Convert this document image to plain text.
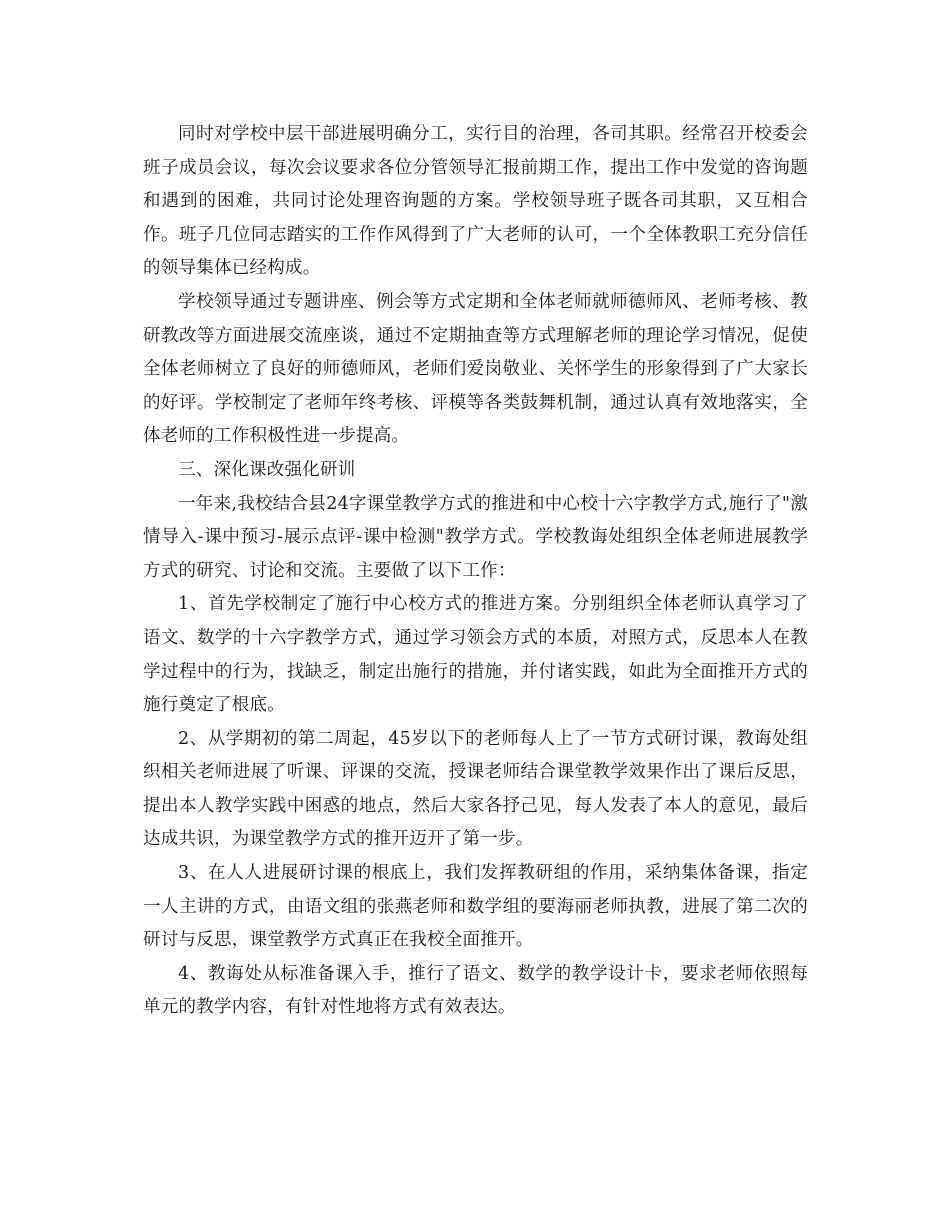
同时对学校中层干部进展明确分工，实行目的治理，各司其职。经常召开校委会班子成员会议，每次会议要求各位分管领导汇报前期工作，提出工作中发觉的咨询题和遇到的困难，共同讨论处理咨询题的方案。学校领导班子既各司其职，又互相合作。班子几位同志踏实的工作作风得到了广大老师的认可，一个全体教职工充分信任的领导集体已经构成。

学校领导通过专题讲座、例会等方式定期和全体老师就师德师风、老师考核、教研教改等方面进展交流座谈，通过不定期抽查等方式理解老师的理论学习情况，促使全体老师树立了良好的师德师风，老师们爱岗敬业、关怀学生的形象得到了广大家长的好评。学校制定了老师年终考核、评模等各类鼓舞机制，通过认真有效地落实，全体老师的工作积极性进一步提高。

三、深化课改强化研训

一年来,我校结合县24字课堂教学方式的推进和中心校十六字教学方式,施行了"激情导入-课中预习-展示点评-课中检测"教学方式。学校教诲处组织全体老师进展教学方式的研究、讨论和交流。主要做了以下工作：

1、首先学校制定了施行中心校方式的推进方案。分别组织全体老师认真学习了语文、数学的十六字教学方式，通过学习领会方式的本质，对照方式，反思本人在教学过程中的行为，找缺乏，制定出施行的措施，并付诸实践，如此为全面推开方式的施行奠定了根底。

2、从学期初的第二周起，45岁以下的老师每人上了一节方式研讨课，教诲处组织相关老师进展了听课、评课的交流，授课老师结合课堂教学效果作出了课后反思，提出本人教学实践中困惑的地点，然后大家各抒己见，每人发表了本人的意见，最后达成共识，为课堂教学方式的推开迈开了第一步。

3、在人人进展研讨课的根底上，我们发挥教研组的作用，采纳集体备课，指定一人主讲的方式，由语文组的张燕老师和数学组的要海丽老师执教，进展了第二次的研讨与反思，课堂教学方式真正在我校全面推开。

4、教诲处从标准备课入手，推行了语文、数学的教学设计卡，要求老师依照每单元的教学内容，有针对性地将方式有效表达。
